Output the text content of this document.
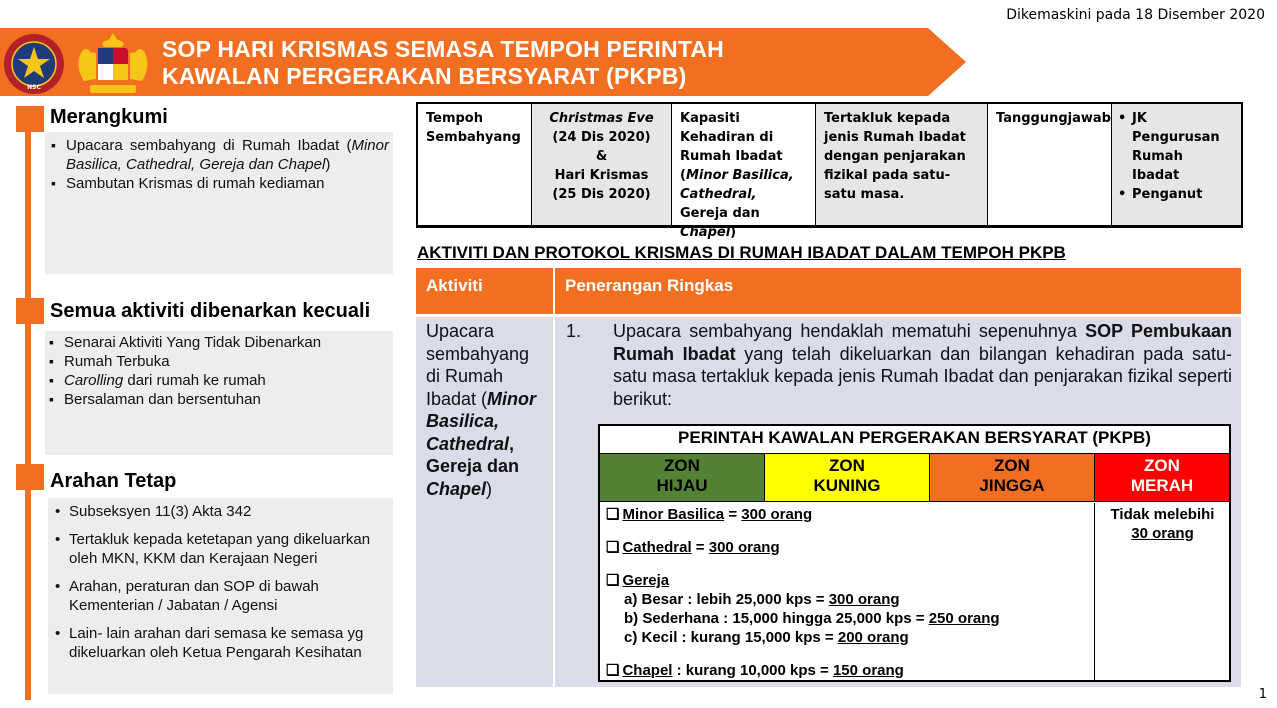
Dikemaskini pada 18 Disember 2020
NSC
SOP HARI KRISMAS SEMASA TEMPOH PERINTAH
KAWALAN PERGERAKAN BERSYARAT (PKPB)
Merangkumi
▪ Upacara sembahyang di Rumah Ibadat (Minor Basilica, Cathedral, Gereja dan Chapel)
▪ Sambutan Krismas di rumah kediaman
Semua aktiviti dibenarkan kecuali
▪ Senarai Aktiviti Yang Tidak Dibenarkan
▪ Rumah Terbuka
▪ Carolling dari rumah ke rumah
▪ Bersalaman dan bersentuhan
Arahan Tetap
• Subseksyen 11(3) Akta 342
• Tertakluk kepada ketetapan yang dikeluarkan oleh MKN, KKM dan Kerajaan Negeri
• Arahan, peraturan dan SOP di bawah Kementerian / Jabatan / Agensi
• Lain- lain arahan dari semasa ke semasa yg dikeluarkan oleh Ketua Pengarah Kesihatan
Tempoh Sembahyang
Christmas Eve
(24 Dis 2020)
&
Hari Krismas
(25 Dis 2020)
Kapasiti Kehadiran di Rumah Ibadat
(Minor Basilica, Cathedral, Gereja dan Chapel)
Tertakluk kepada jenis Rumah Ibadat dengan penjarakan fizikal pada satu-satu masa.
Tanggungjawab
•	JK Pengurusan Rumah Ibadat
• Penganut
AKTIVITI DAN PROTOKOL KRISMAS DI RUMAH IBADAT DALAM TEMPOH PKPB
Aktiviti	Penerangan Ringkas
Upacara sembahyang di Rumah Ibadat (Minor Basilica, Cathedral, Gereja dan Chapel)
1. Upacara sembahyang hendaklah mematuhi sepenuhnya SOP Pembukaan Rumah Ibadat yang telah dikeluarkan dan bilangan kehadiran pada satu-satu masa tertakluk kepada jenis Rumah Ibadat dan penjarakan fizikal seperti berikut:
PERINTAH KAWALAN PERGERAKAN BERSYARAT (PKPB)
ZON
HIJAU
ZON
KUNING
ZON
JINGGA
ZON
MERAH
❏ Minor Basilica = 300 orang
❏ Cathedral = 300 orang
❏ Gereja
a) Besar : lebih 25,000 kps = 300 orang
b) Sederhana : 15,000 hingga 25,000 kps = 250 orang
c) Kecil : kurang 15,000 kps = 200 orang
❏ Chapel : kurang 10,000 kps = 150 orang
Tidak melebihi
30 orang
1
